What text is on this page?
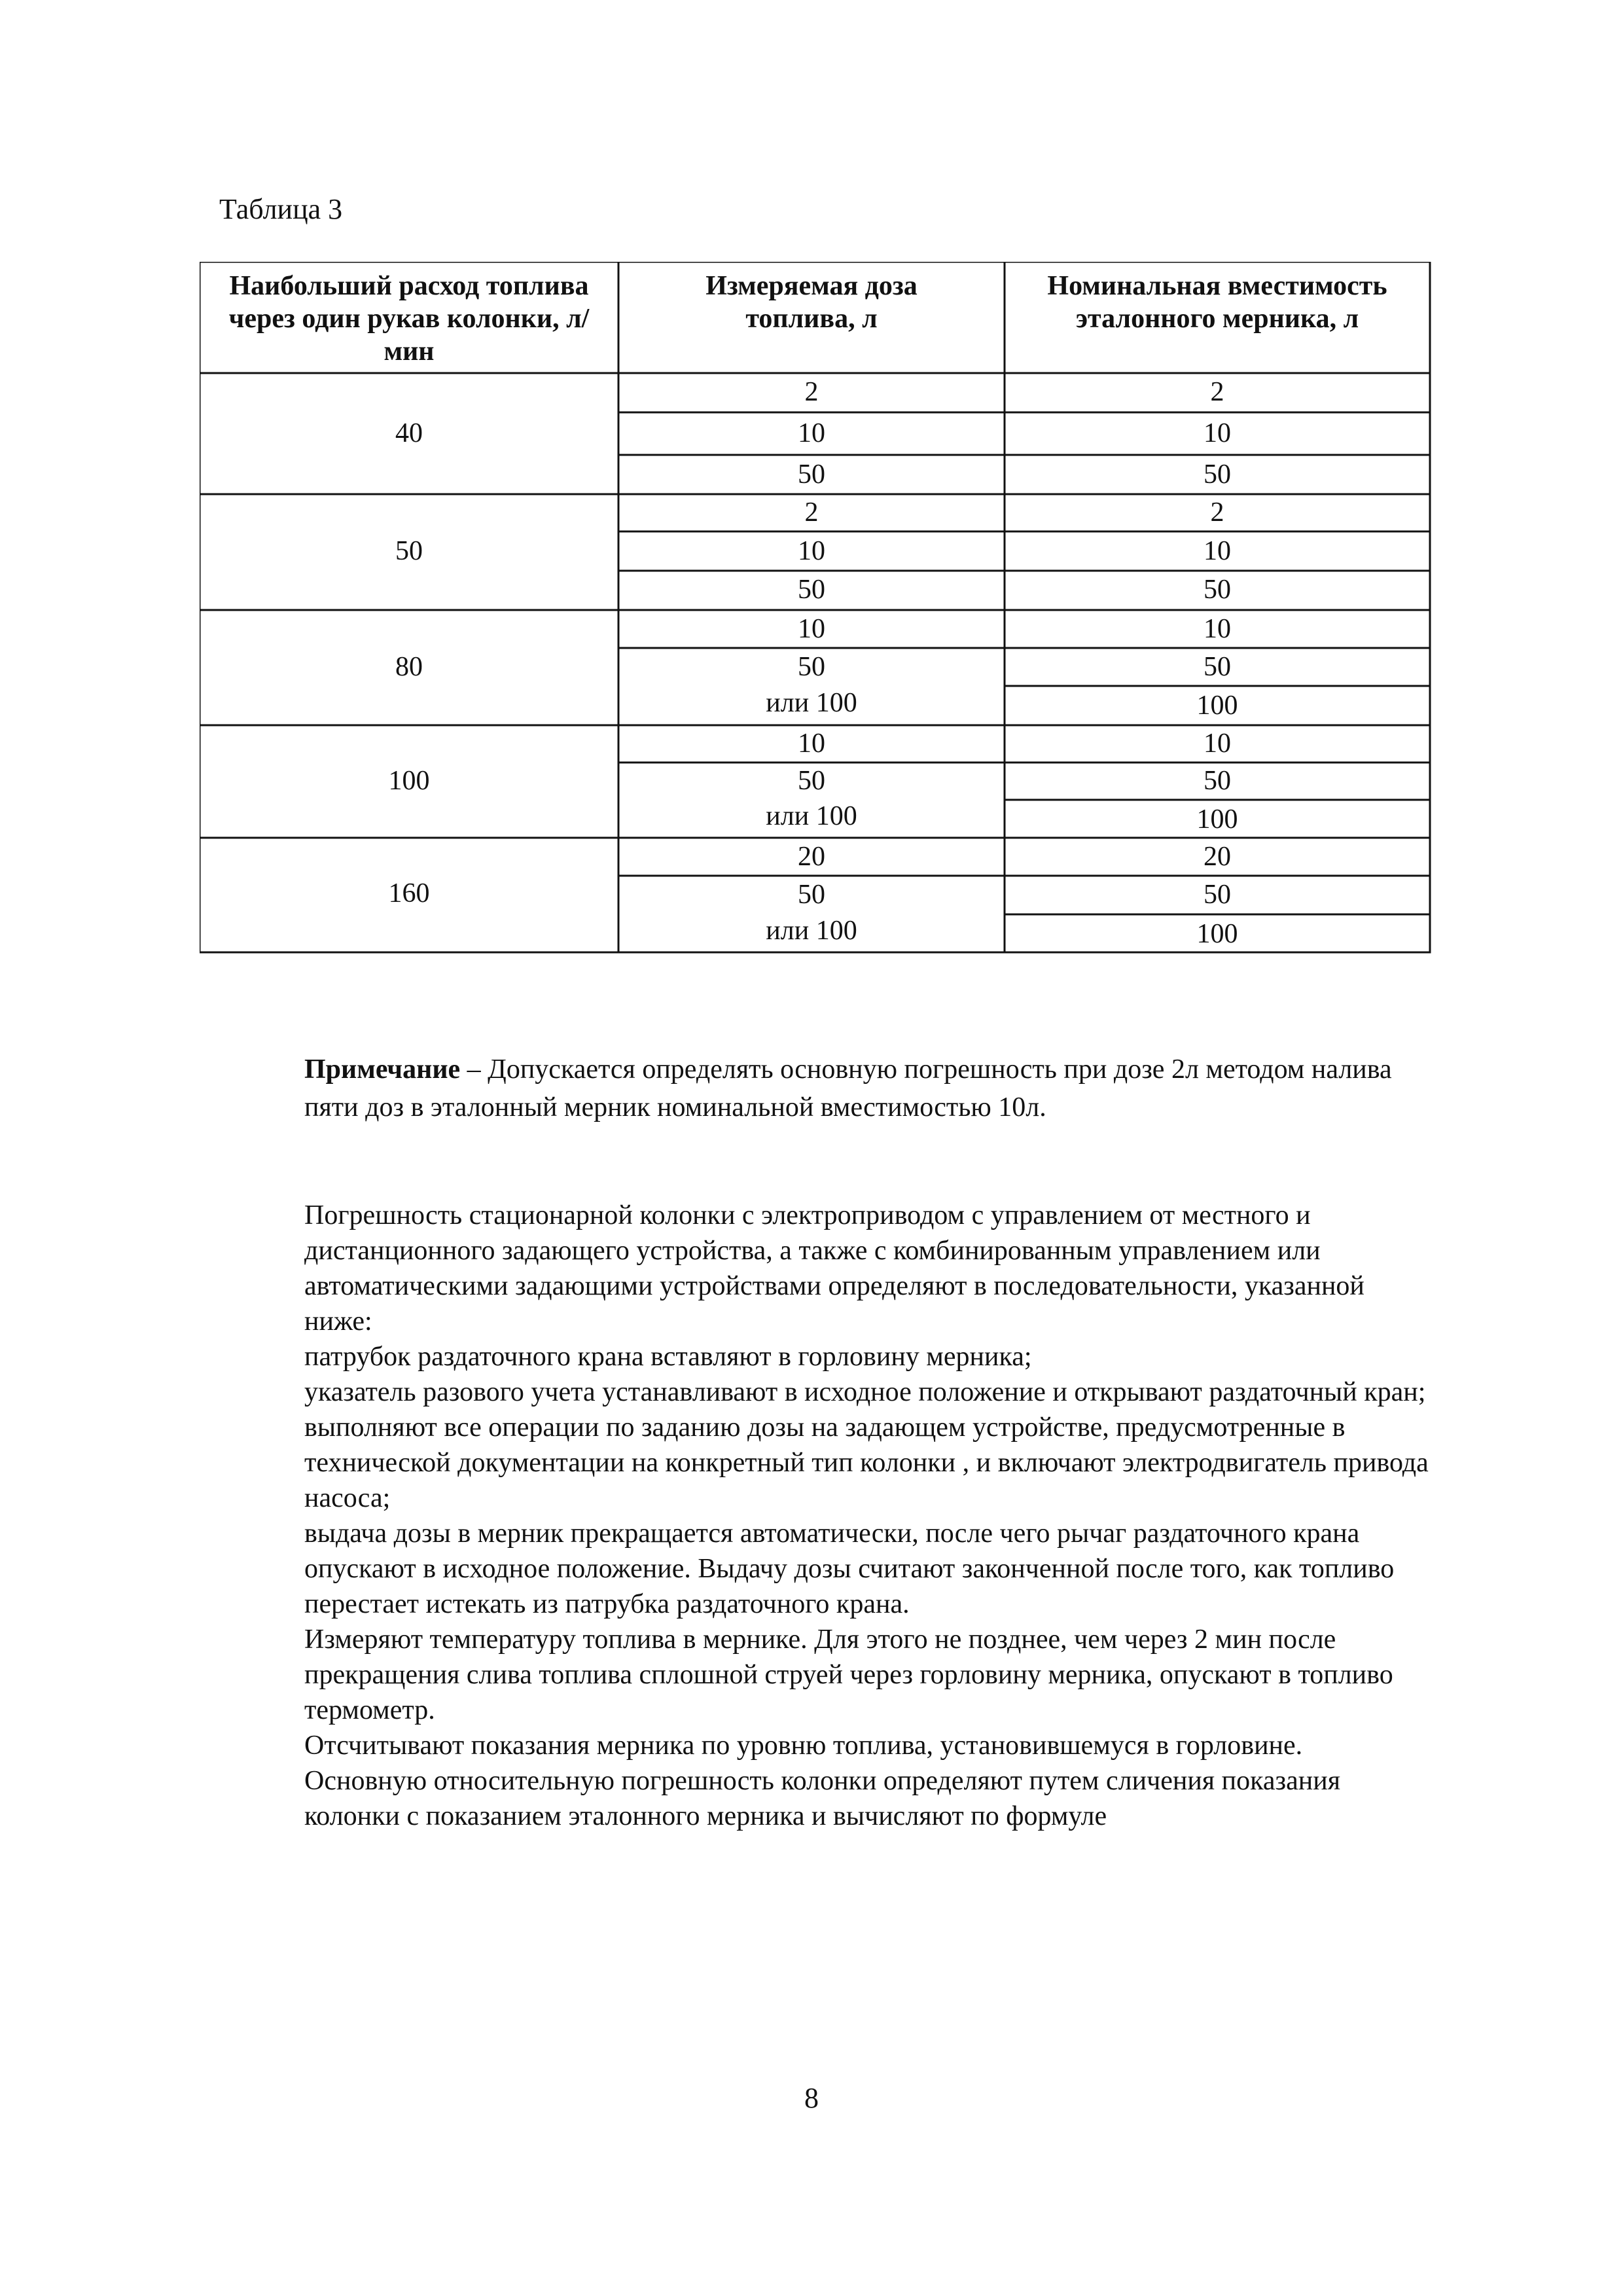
Таблица 3
Наибольший расход топлива через один рукав колонки, л/мин
Измеряемая доза топлива, л
Номинальная вместимость эталонного мерника, л
40
2
10
50
2
10
50
50
2
10
50
2
10
50
80
10
50
или 100
10
50
100
100
10
50
или 100
10
50
100
160
20
50
или 100
20
50
100
Примечание – Допускается определять основную погрешность при дозе 2л методом налива пяти доз в эталонный мерник номинальной вместимостью 10л.

Погрешность стационарной колонки с электроприводом с управлением от местного и дистанционного задающего устройства, а также с комбинированным управлением или автоматическими задающими устройствами определяют в последовательности, указанной ниже:

патрубок раздаточного крана вставляют в горловину мерника;

указатель разового учета устанавливают в исходное положение и открывают раздаточный кран;

выполняют все операции по заданию дозы на задающем устройстве, предусмотренные в технической документации на конкретный тип колонки , и включают электродвигатель привода насоса;

выдача дозы в мерник прекращается автоматически, после чего рычаг раздаточного крана опускают в исходное положение. Выдачу дозы считают законченной после того, как топливо перестает истекать из патрубка раздаточного крана.

Измеряют температуру топлива в мернике. Для этого не позднее, чем через 2 мин после прекращения слива топлива сплошной струей через горловину мерника, опускают в топливо термометр.

Отсчитывают показания мерника по уровню топлива, установившемуся в горловине.

Основную относительную погрешность колонки определяют путем сличения показания колонки с показанием эталонного мерника и вычисляют по формуле

8
